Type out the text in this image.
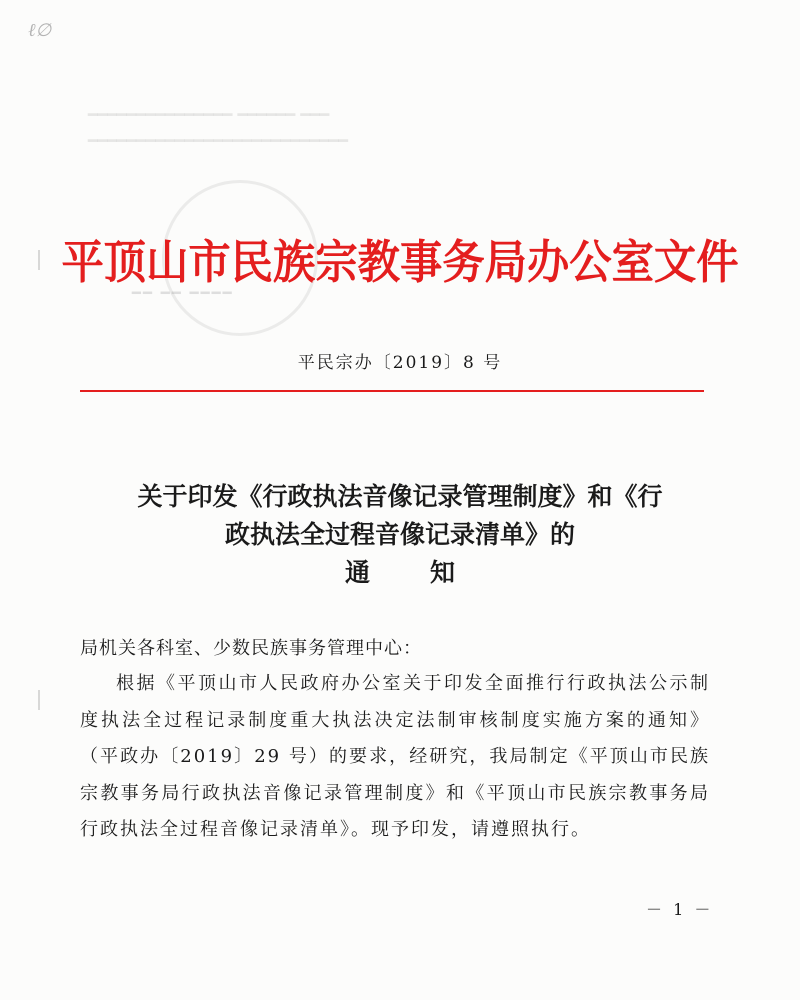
━━━ ━━━━━━ ━━━━━━━━━━━━━━━
━━━━━━━━━━━━━━━━━━━━━━━━━━━
━━━━ ━━ ━━
ℓ∅
平顶山市民族宗教事务局办公室文件
平民宗办〔2019〕8 号
关于印发《行政执法音像记录管理制度》和《行
政执法全过程音像记录清单》的
通知
局机关各科室、少数民族事务管理中心：
根据《平顶山市人民政府办公室关于印发全面推行行政执法公示制度执法全过程记录制度重大执法决定法制审核制度实施方案的通知》（平政办〔2019〕29 号）的要求，经研究，我局制定《平顶山市民族宗教事务局行政执法音像记录管理制度》和《平顶山市民族宗教事务局行政执法全过程音像记录清单》。现予印发，请遵照执行。
－ 1 －
